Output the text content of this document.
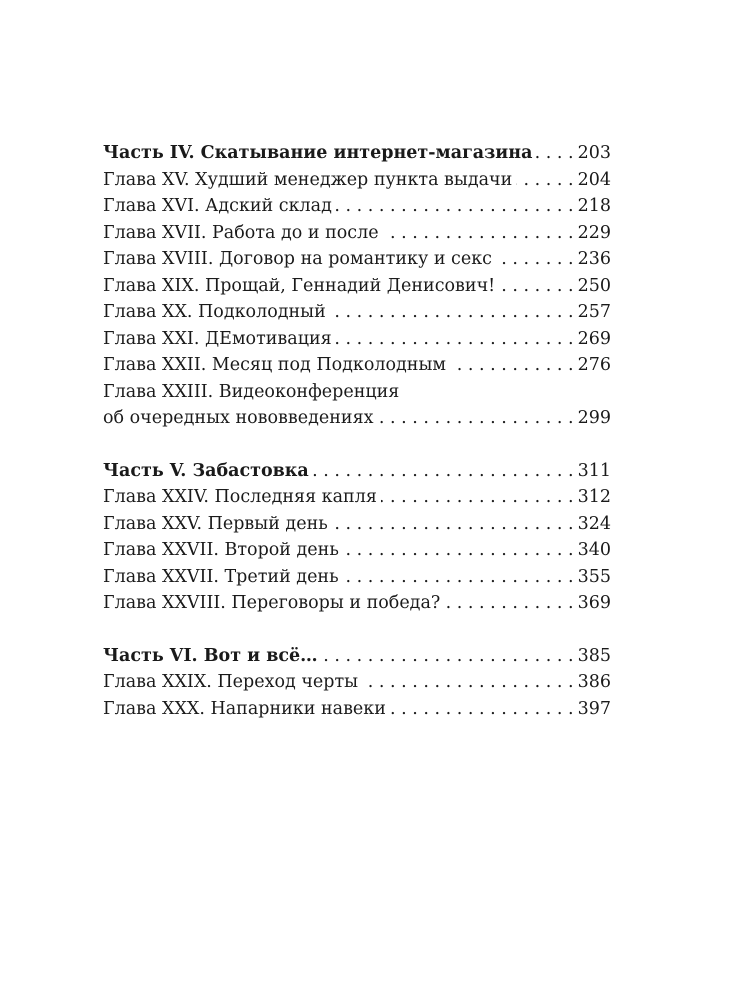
Часть IV. Скатывание интернет-магазина . . .	203
Глава XV. Худший менеджер пункта выдачи . . .	204
Глава XVI. Адский склад . . .	218
Глава XVII. Работа до и после . . .	229
Глава XVIII. Договор на романтику и секс . . .	236
Глава XIX. Прощай, Геннадий Денисович! . . .	250
Глава XX. Подколодный . . .	257
Глава XXI. ДЕмотивация . . .	269
Глава XXII. Месяц под Подколодным . . .	276
Глава XXIII. Видеоконференция
об очередных нововведениях . . .	299
Часть V. Забастовка . . .	311
Глава XXIV. Последняя капля . . .	312
Глава XXV. Первый день . . .	324
Глава XXVII. Второй день . . .	340
Глава XXVII. Третий день . . .	355
Глава XXVIII. Переговоры и победа? . . .	369
Часть VI. Вот и всё… . . .	385
Глава XXIX. Переход черты . . .	386
Глава XXX. Напарники навеки . . .	397
